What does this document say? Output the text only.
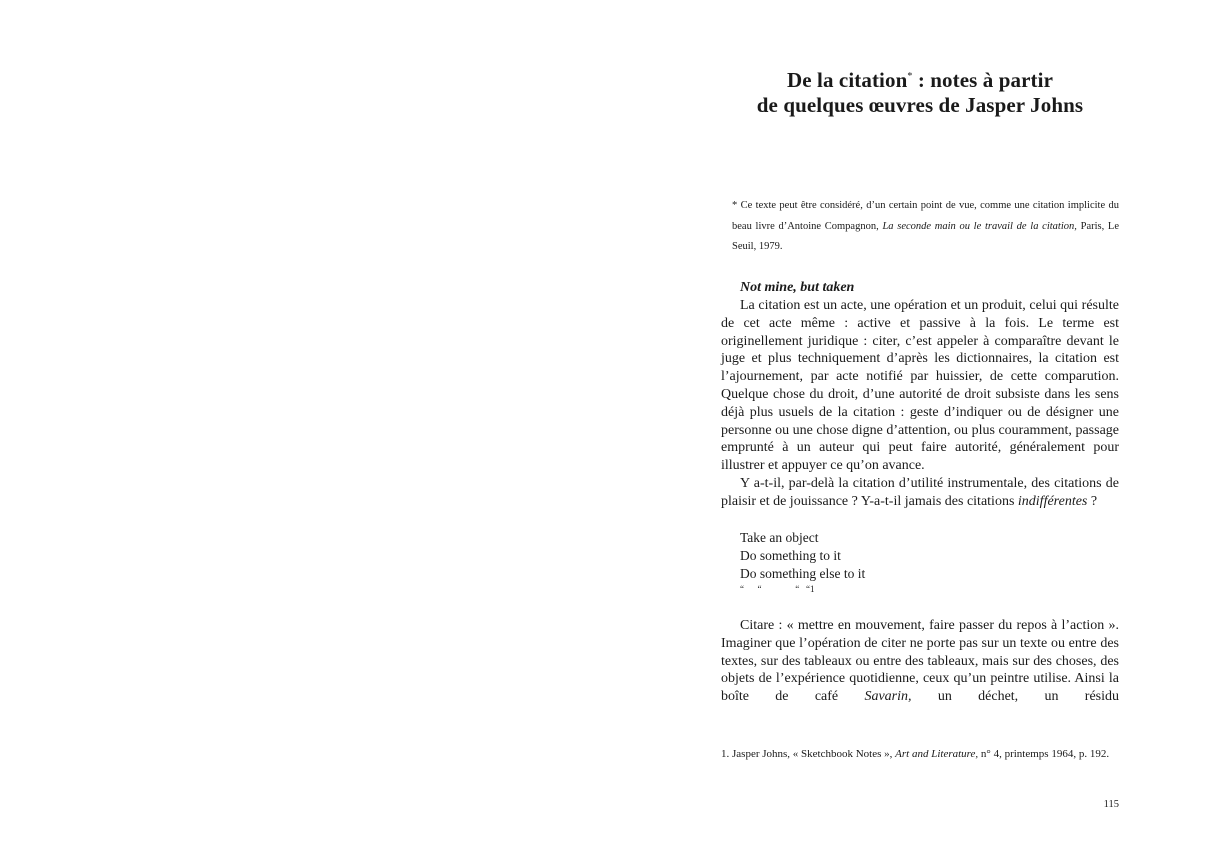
De la citation* : notes à partir
de quelques œuvres de Jasper Johns
* Ce texte peut être considéré, d’un certain point de vue, comme une citation implicite du beau livre d’Antoine Compagnon, La seconde main ou le travail de la citation, Paris, Le Seuil, 1979.
Not mine, but taken

La citation est un acte, une opération et un produit, celui qui résulte de cet acte même : active et passive à la fois. Le terme est originellement juridique : citer, c’est appeler à comparaître devant le juge et plus techniquement d’après les dictionnaires, la citation est l’ajournement, par acte notifié par huissier, de cette comparution. Quelque chose du droit, d’une autorité de droit subsiste dans les sens déjà plus usuels de la citation : geste d’indiquer ou de désigner une personne ou une chose digne d’attention, ou plus couramment, passage emprunté à un auteur qui peut faire autorité, généralement pour illustrer et appuyer ce qu’on avance.

Y a-t-il, par-delà la citation d’utilité instrumentale, des citations de plaisir et de jouissance ? Y-a-t-il jamais des citations indifférentes ?

Take an object
Do something to it
Do something else to it
“      “               “   “1

Citare : « mettre en mouvement, faire passer du repos à l’action ». Imaginer que l’opération de citer ne porte pas sur un texte ou entre des textes, sur des tableaux ou entre des tableaux, mais sur des choses, des objets de l’expérience quotidienne, ceux qu’un peintre utilise. Ainsi la boîte de café Savarin, un déchet, un résidu

1. Jasper Johns, « Sketchbook Notes », Art and Literature, n° 4, printemps 1964, p. 192.
115
